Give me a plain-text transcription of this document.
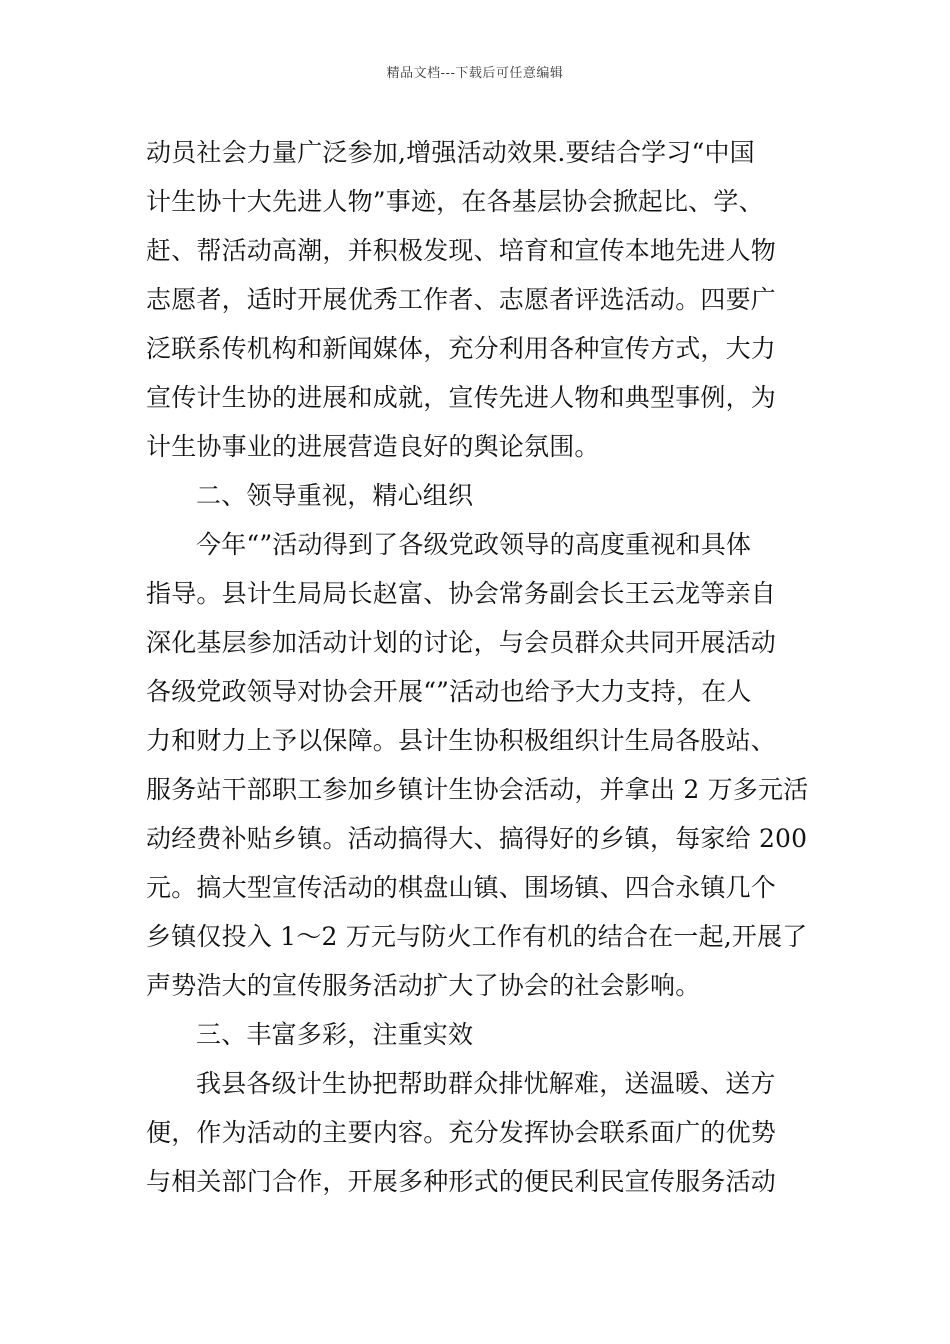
精品文档---下载后可任意编辑
动员社会力量广泛参加,增强活动效果.要结合学习“中国
计生协十大先进人物”事迹，在各基层协会掀起比、学、
赶、帮活动高潮，并积极发现、培育和宣传本地先进人物
志愿者，适时开展优秀工作者、志愿者评选活动。四要广
泛联系传机构和新闻媒体，充分利用各种宣传方式，大力
宣传计生协的进展和成就，宣传先进人物和典型事例，为
计生协事业的进展营造良好的舆论氛围。
二、领导重视，精心组织
今年“”活动得到了各级党政领导的高度重视和具体
指导。县计生局局长赵富、协会常务副会长王云龙等亲自
深化基层参加活动计划的讨论，与会员群众共同开展活动
各级党政领导对协会开展“”活动也给予大力支持，在人
力和财力上予以保障。县计生协积极组织计生局各股站、
服务站干部职工参加乡镇计生协会活动，并拿出 2 万多元活
动经费补贴乡镇。活动搞得大、搞得好的乡镇，每家给 200
元。搞大型宣传活动的棋盘山镇、围场镇、四合永镇几个
乡镇仅投入 1～2 万元与防火工作有机的结合在一起,开展了
声势浩大的宣传服务活动扩大了协会的社会影响。
三、丰富多彩，注重实效
我县各级计生协把帮助群众排忧解难，送温暖、送方
便，作为活动的主要内容。充分发挥协会联系面广的优势
与相关部门合作，开展多种形式的便民利民宣传服务活动
